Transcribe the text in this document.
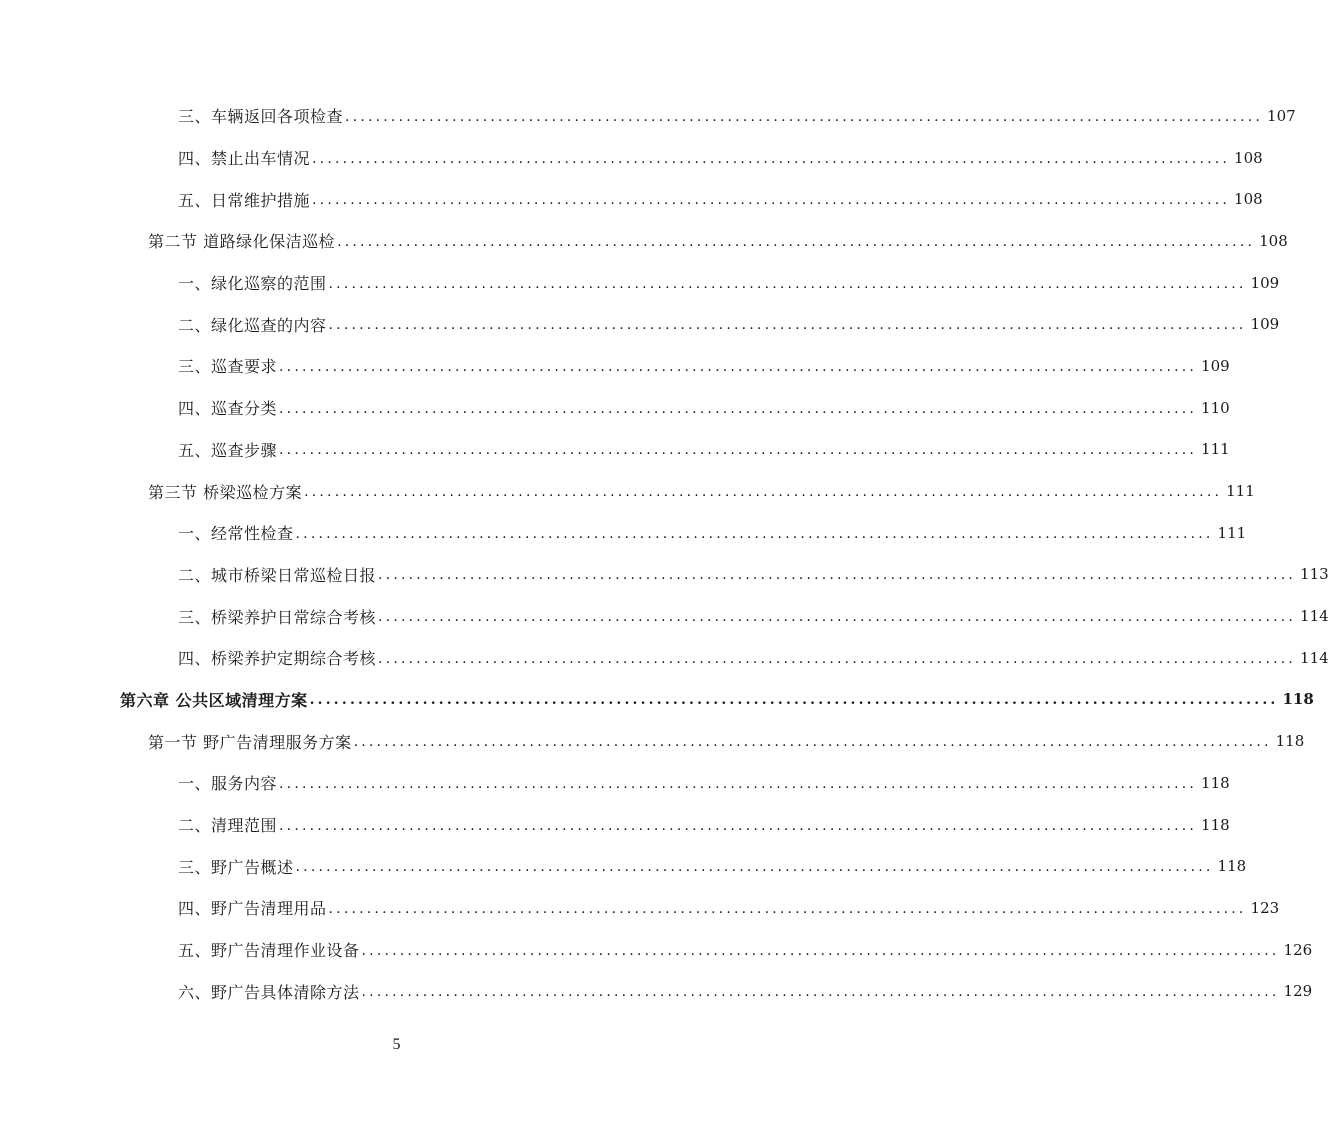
三、车辆返回各项检查 ........................................................................................................................ 107
四、禁止出车情况 ........................................................................................................................ 108
五、日常维护措施 ........................................................................................................................ 108
第二节 道路绿化保洁巡检 ........................................................................................................................ 108
一、绿化巡察的范围 ........................................................................................................................ 109
二、绿化巡查的内容 ........................................................................................................................ 109
三、巡查要求 ........................................................................................................................ 109
四、巡查分类 ........................................................................................................................ 110
五、巡查步骤 ........................................................................................................................ 111
第三节 桥梁巡检方案 ........................................................................................................................ 111
一、经常性检查 ........................................................................................................................ 111
二、城市桥梁日常巡检日报 ........................................................................................................................ 113
三、桥梁养护日常综合考核 ........................................................................................................................ 114
四、桥梁养护定期综合考核 ........................................................................................................................ 114
第六章 公共区域清理方案 ........................................................................................................................ 118
第一节 野广告清理服务方案 ........................................................................................................................ 118
一、服务内容 ........................................................................................................................ 118
二、清理范围 ........................................................................................................................ 118
三、野广告概述 ........................................................................................................................ 118
四、野广告清理用品 ........................................................................................................................ 123
五、野广告清理作业设备 ........................................................................................................................ 126
六、野广告具体清除方法 ........................................................................................................................ 129
5
